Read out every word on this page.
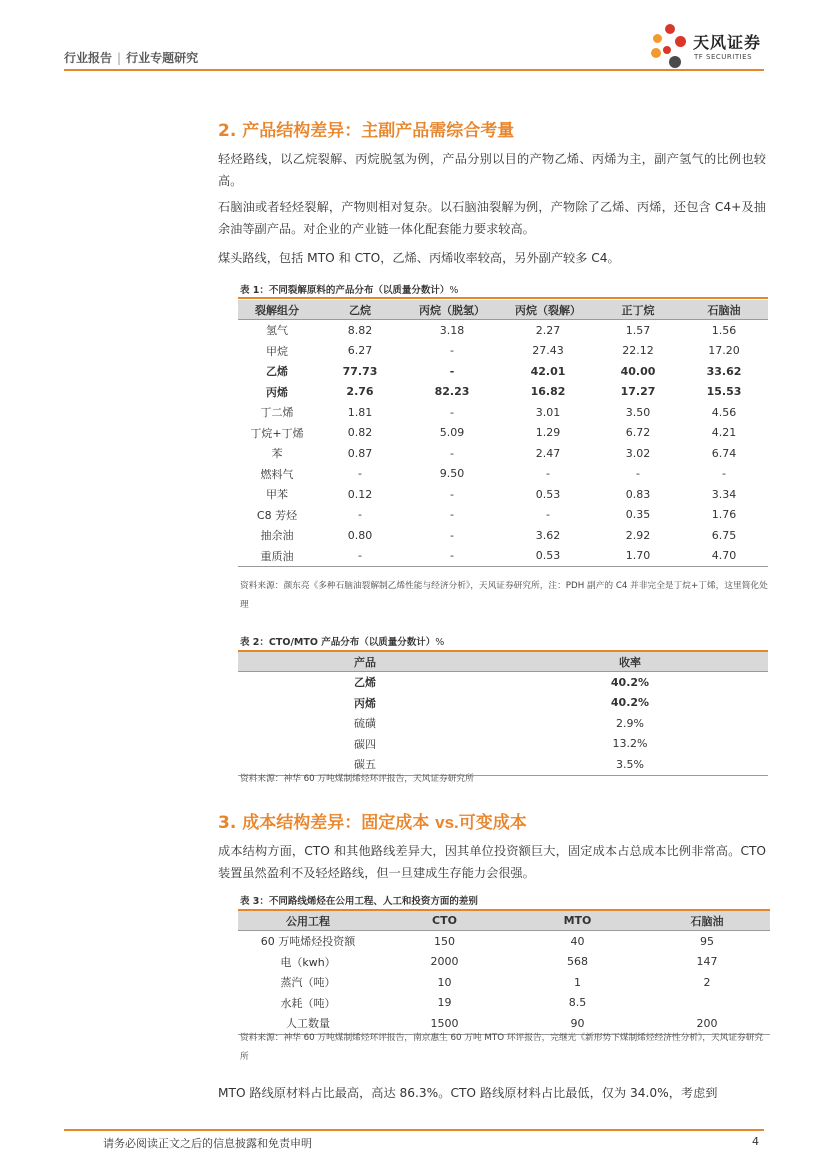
行业报告 | 行业专题研究
天风证券
TF SECURITIES
2. 产品结构差异：主副产品需综合考量

轻烃路线，以乙烷裂解、丙烷脱氢为例，产品分别以目的产物乙烯、丙烯为主，副产氢气的比例也较高。

石脑油或者轻烃裂解，产物则相对复杂。以石脑油裂解为例，产物除了乙烯、丙烯，还包含 C4+及抽余油等副产品。对企业的产业链一体化配套能力要求较高。

煤头路线，包括 MTO 和 CTO，乙烯、丙烯收率较高，另外副产较多 C4。

表 1：不同裂解原料的产品分布（以质量分数计）%
裂解组分	乙烷	丙烷（脱氢）	丙烷（裂解）	正丁烷	石脑油
氢气	8.82	3.18	2.27	1.57	1.56
甲烷	6.27	-	27.43	22.12	17.20
乙烯	77.73	-	42.01	40.00	33.62
丙烯	2.76	82.23	16.82	17.27	15.53
丁二烯	1.81	-	3.01	3.50	4.56
丁烷+丁烯	0.82	5.09	1.29	6.72	4.21
苯	0.87	-	2.47	3.02	6.74
燃料气	-	9.50	-	-	-
甲苯	0.12	-	0.53	0.83	3.34
C8 芳烃	-	-	-	0.35	1.76
抽余油	0.80	-	3.62	2.92	6.75
重质油	-	-	0.53	1.70	4.70
资料来源：颜东亮《多种石脑油裂解制乙烯性能与经济分析》，天风证券研究所，注：PDH 副产的 C4 并非完全是丁烷+丁烯，这里简化处理
表 2：CTO/MTO 产品分布（以质量分数计）%
产品	收率
乙烯	40.2%
丙烯	40.2%
硫磺	2.9%
碳四	13.2%
碳五	3.5%
资料来源：神华 60 万吨煤制烯烃环评报告，天风证券研究所
3. 成本结构差异：固定成本 vs.可变成本

成本结构方面，CTO 和其他路线差异大，因其单位投资额巨大，固定成本占总成本比例非常高。CTO 装置虽然盈利不及轻烃路线，但一旦建成生存能力会很强。

表 3：不同路线烯烃在公用工程、人工和投资方面的差别
公用工程	CTO	MTO	石脑油
60 万吨烯烃投资额	150	40	95
电（kwh）	2000	568	147
蒸汽（吨）	10	1	2
水耗（吨）	19	8.5	
人工数量	1500	90	200
资料来源：神华 60 万吨煤制烯烃环评报告，南京惠生 60 万吨 MTO 环评报告，完继光《新形势下煤制烯烃经济性分析》，天风证券研究所

MTO 路线原材料占比最高，高达 86.3%。CTO 路线原材料占比最低，仅为 34.0%，考虑到

请务必阅读正文之后的信息披露和免责申明	4
